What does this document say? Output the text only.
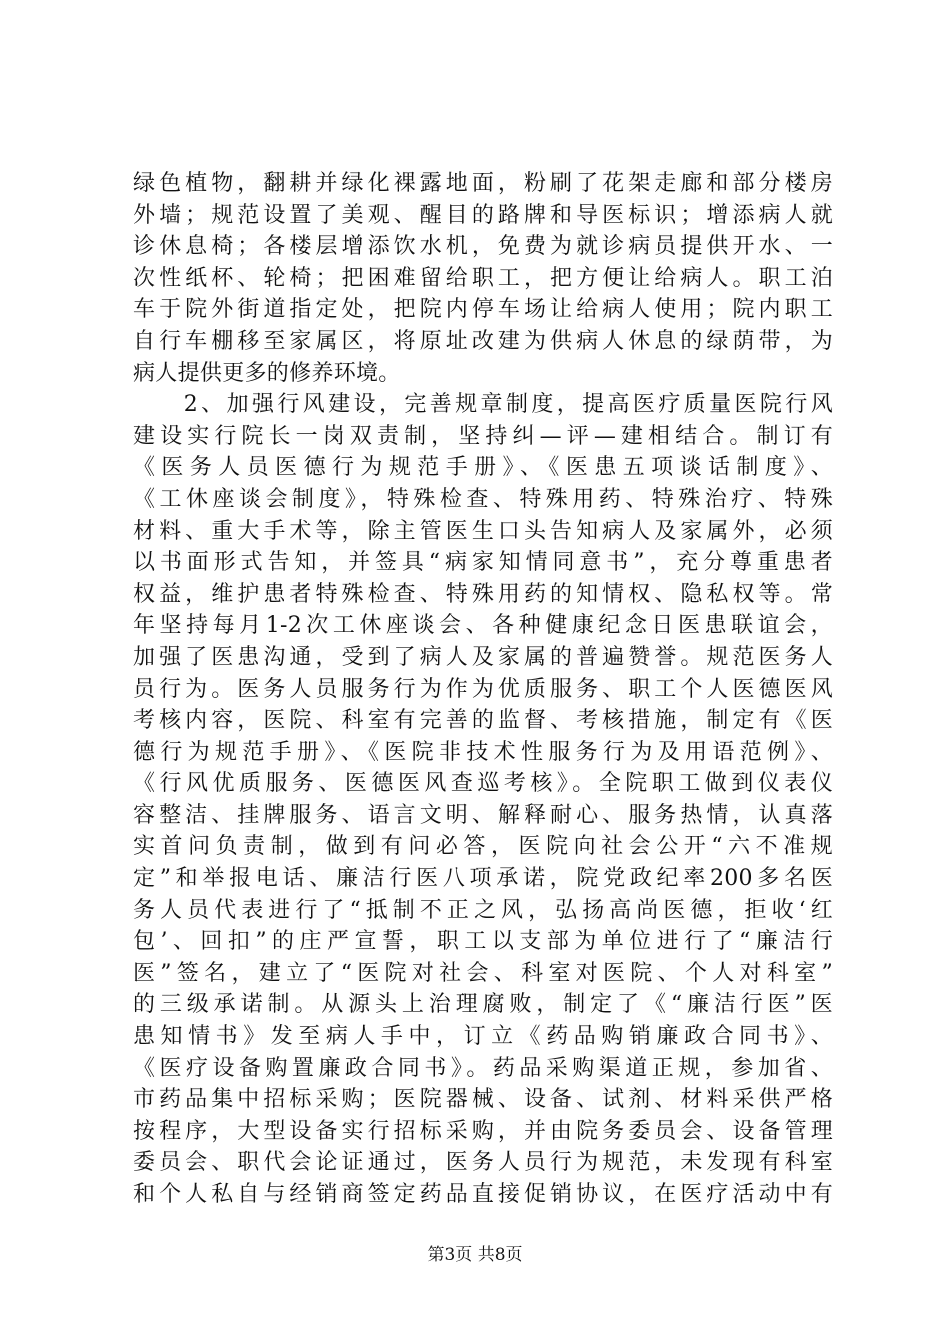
绿色植物，翻耕并绿化裸露地面，粉刷了花架走廊和部分楼房
外墙；规范设置了美观、醒目的路牌和导医标识；增添病人就
诊休息椅；各楼层增添饮水机，免费为就诊病员提供开水、一
次性纸杯、轮椅；把困难留给职工，把方便让给病人。职工泊
车于院外街道指定处，把院内停车场让给病人使用；院内职工
自行车棚移至家属区，将原址改建为供病人休息的绿荫带，为
病人提供更多的修养环境。
　　2、加强行风建设，完善规章制度，提高医疗质量医院行风
建设实行院长一岗双责制，坚持纠—评—建相结合。制订有
《医务人员医德行为规范手册》、《医患五项谈话制度》、
《工休座谈会制度》，特殊检查、特殊用药、特殊治疗、特殊
材料、重大手术等，除主管医生口头告知病人及家属外，必须
以书面形式告知，并签具“病家知情同意书”，充分尊重患者
权益，维护患者特殊检查、特殊用药的知情权、隐私权等。常
年坚持每月1-2次工休座谈会、各种健康纪念日医患联谊会，
加强了医患沟通，受到了病人及家属的普遍赞誉。规范医务人
员行为。医务人员服务行为作为优质服务、职工个人医德医风
考核内容，医院、科室有完善的监督、考核措施，制定有《医
德行为规范手册》、《医院非技术性服务行为及用语范例》、
《行风优质服务、医德医风查巡考核》。全院职工做到仪表仪
容整洁、挂牌服务、语言文明、解释耐心、服务热情，认真落
实首问负责制，做到有问必答，医院向社会公开“六不准规
定”和举报电话、廉洁行医八项承诺，院党政纪率200多名医
务人员代表进行了“抵制不正之风，弘扬高尚医德，拒收‘红
包’、回扣”的庄严宣誓，职工以支部为单位进行了“廉洁行
医”签名，建立了“医院对社会、科室对医院、个人对科室”
的三级承诺制。从源头上治理腐败，制定了《“廉洁行医”医
患知情书》发至病人手中，订立《药品购销廉政合同书》、
《医疗设备购置廉政合同书》。药品采购渠道正规，参加省、
市药品集中招标采购；医院器械、设备、试剂、材料采供严格
按程序，大型设备实行招标采购，并由院务委员会、设备管理
委员会、职代会论证通过，医务人员行为规范，未发现有科室
和个人私自与经销商签定药品直接促销协议，在医疗活动中有
第3页 共8页
